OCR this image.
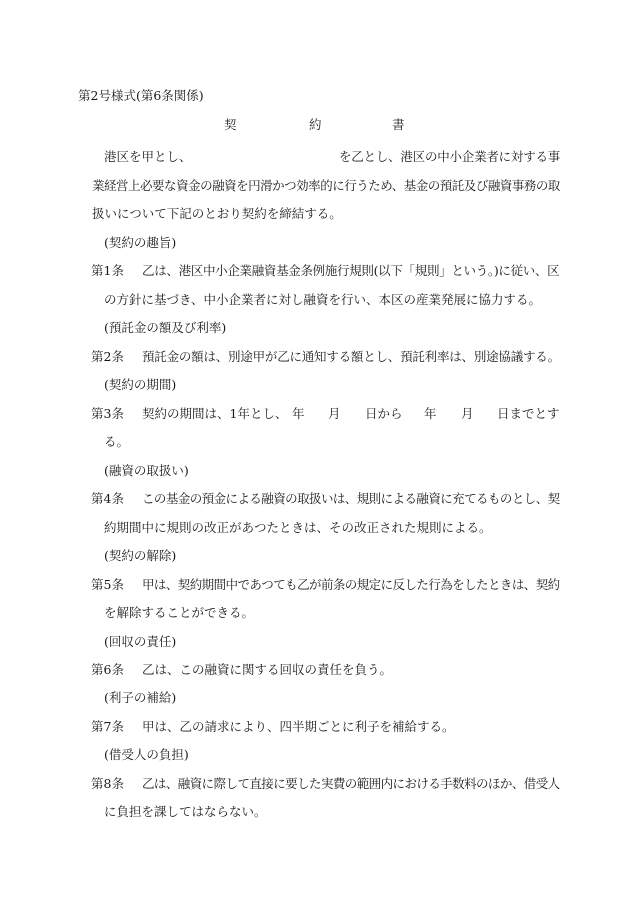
第2号様式(第6条関係)
契	約	書
港区を甲とし、	を乙とし、港区の中小企業者に対する事
業経営上必要な資金の融資を円滑かつ効率的に行うため、基金の預託及び融資事務の取
扱いについて下記のとおり契約を締結する。
(契約の趣旨)
第1条 乙は、港区中小企業融資基金条例施行規則(以下「規則」という。)に従い、区
の方針に基づき、中小企業者に対し融資を行い、本区の産業発展に協力する。
(預託金の額及び利率)
第2条 預託金の額は、別途甲が乙に通知する額とし、預託利率は、別途協議する。
(契約の期間)
第3条 契約の期間は、1年とし、 年 月 日から 年 月 日までとす
る。
(融資の取扱い)
第4条 この基金の預金による融資の取扱いは、規則による融資に充てるものとし、契
約期間中に規則の改正があつたときは、その改正された規則による。
(契約の解除)
第5条 甲は、契約期間中であつても乙が前条の規定に反した行為をしたときは、契約
を解除することができる。
(回収の責任)
第6条 乙は、この融資に関する回収の責任を負う。
(利子の補給)
第7条 甲は、乙の請求により、四半期ごとに利子を補給する。
(借受人の負担)
第8条 乙は、融資に際して直接に要した実費の範囲内における手数料のほか、借受人
に負担を課してはならない。
